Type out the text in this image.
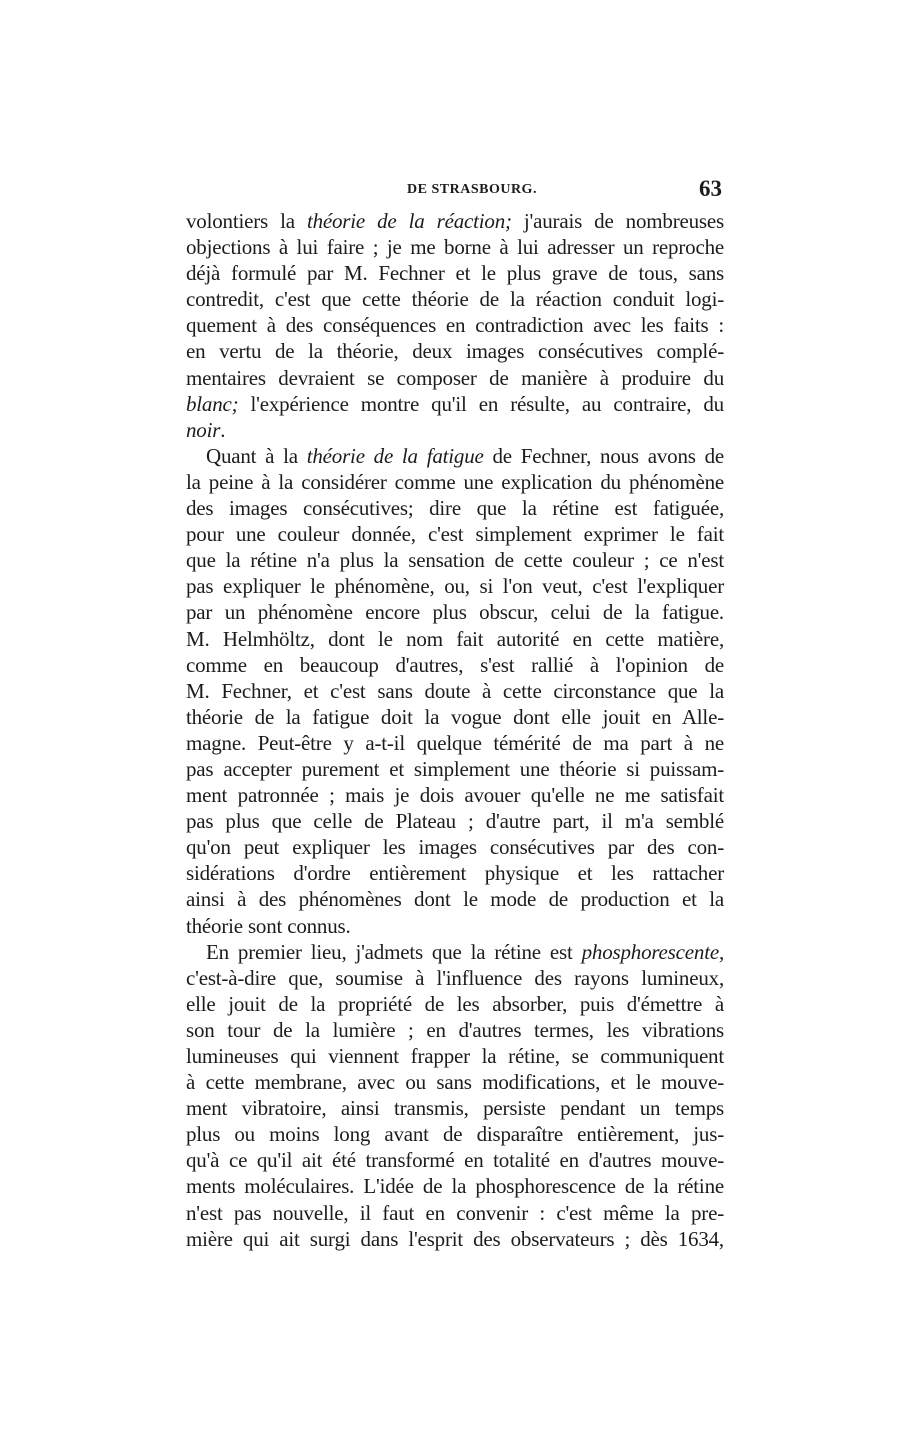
DE STRASBOURG.	63
volontiers la théorie de la réaction; j'aurais de nombreuses
objections à lui faire ; je me borne à lui adresser un reproche
déjà formulé par M. Fechner et le plus grave de tous, sans
contredit, c'est que cette théorie de la réaction conduit logi-
quement à des conséquences en contradiction avec les faits :
en vertu de la théorie, deux images consécutives complé-
mentaires devraient se composer de manière à produire du
blanc; l'expérience montre qu'il en résulte, au contraire, du
noir.
Quant à la théorie de la fatigue de Fechner, nous avons de
la peine à la considérer comme une explication du phénomène
des images consécutives; dire que la rétine est fatiguée,
pour une couleur donnée, c'est simplement exprimer le fait
que la rétine n'a plus la sensation de cette couleur ; ce n'est
pas expliquer le phénomène, ou, si l'on veut, c'est l'expliquer
par un phénomène encore plus obscur, celui de la fatigue.
M. Helmhöltz, dont le nom fait autorité en cette matière,
comme en beaucoup d'autres, s'est rallié à l'opinion de
M. Fechner, et c'est sans doute à cette circonstance que la
théorie de la fatigue doit la vogue dont elle jouit en Alle-
magne. Peut-être y a-t-il quelque témérité de ma part à ne
pas accepter purement et simplement une théorie si puissam-
ment patronnée ; mais je dois avouer qu'elle ne me satisfait
pas plus que celle de Plateau ; d'autre part, il m'a semblé
qu'on peut expliquer les images consécutives par des con-
sidérations d'ordre entièrement physique et les rattacher
ainsi à des phénomènes dont le mode de production et la
théorie sont connus.
En premier lieu, j'admets que la rétine est phosphorescente,
c'est-à-dire que, soumise à l'influence des rayons lumineux,
elle jouit de la propriété de les absorber, puis d'émettre à
son tour de la lumière ; en d'autres termes, les vibrations
lumineuses qui viennent frapper la rétine, se communiquent
à cette membrane, avec ou sans modifications, et le mouve-
ment vibratoire, ainsi transmis, persiste pendant un temps
plus ou moins long avant de disparaître entièrement, jus-
qu'à ce qu'il ait été transformé en totalité en d'autres mouve-
ments moléculaires. L'idée de la phosphorescence de la rétine
n'est pas nouvelle, il faut en convenir : c'est même la pre-
mière qui ait surgi dans l'esprit des observateurs ; dès 1634,
